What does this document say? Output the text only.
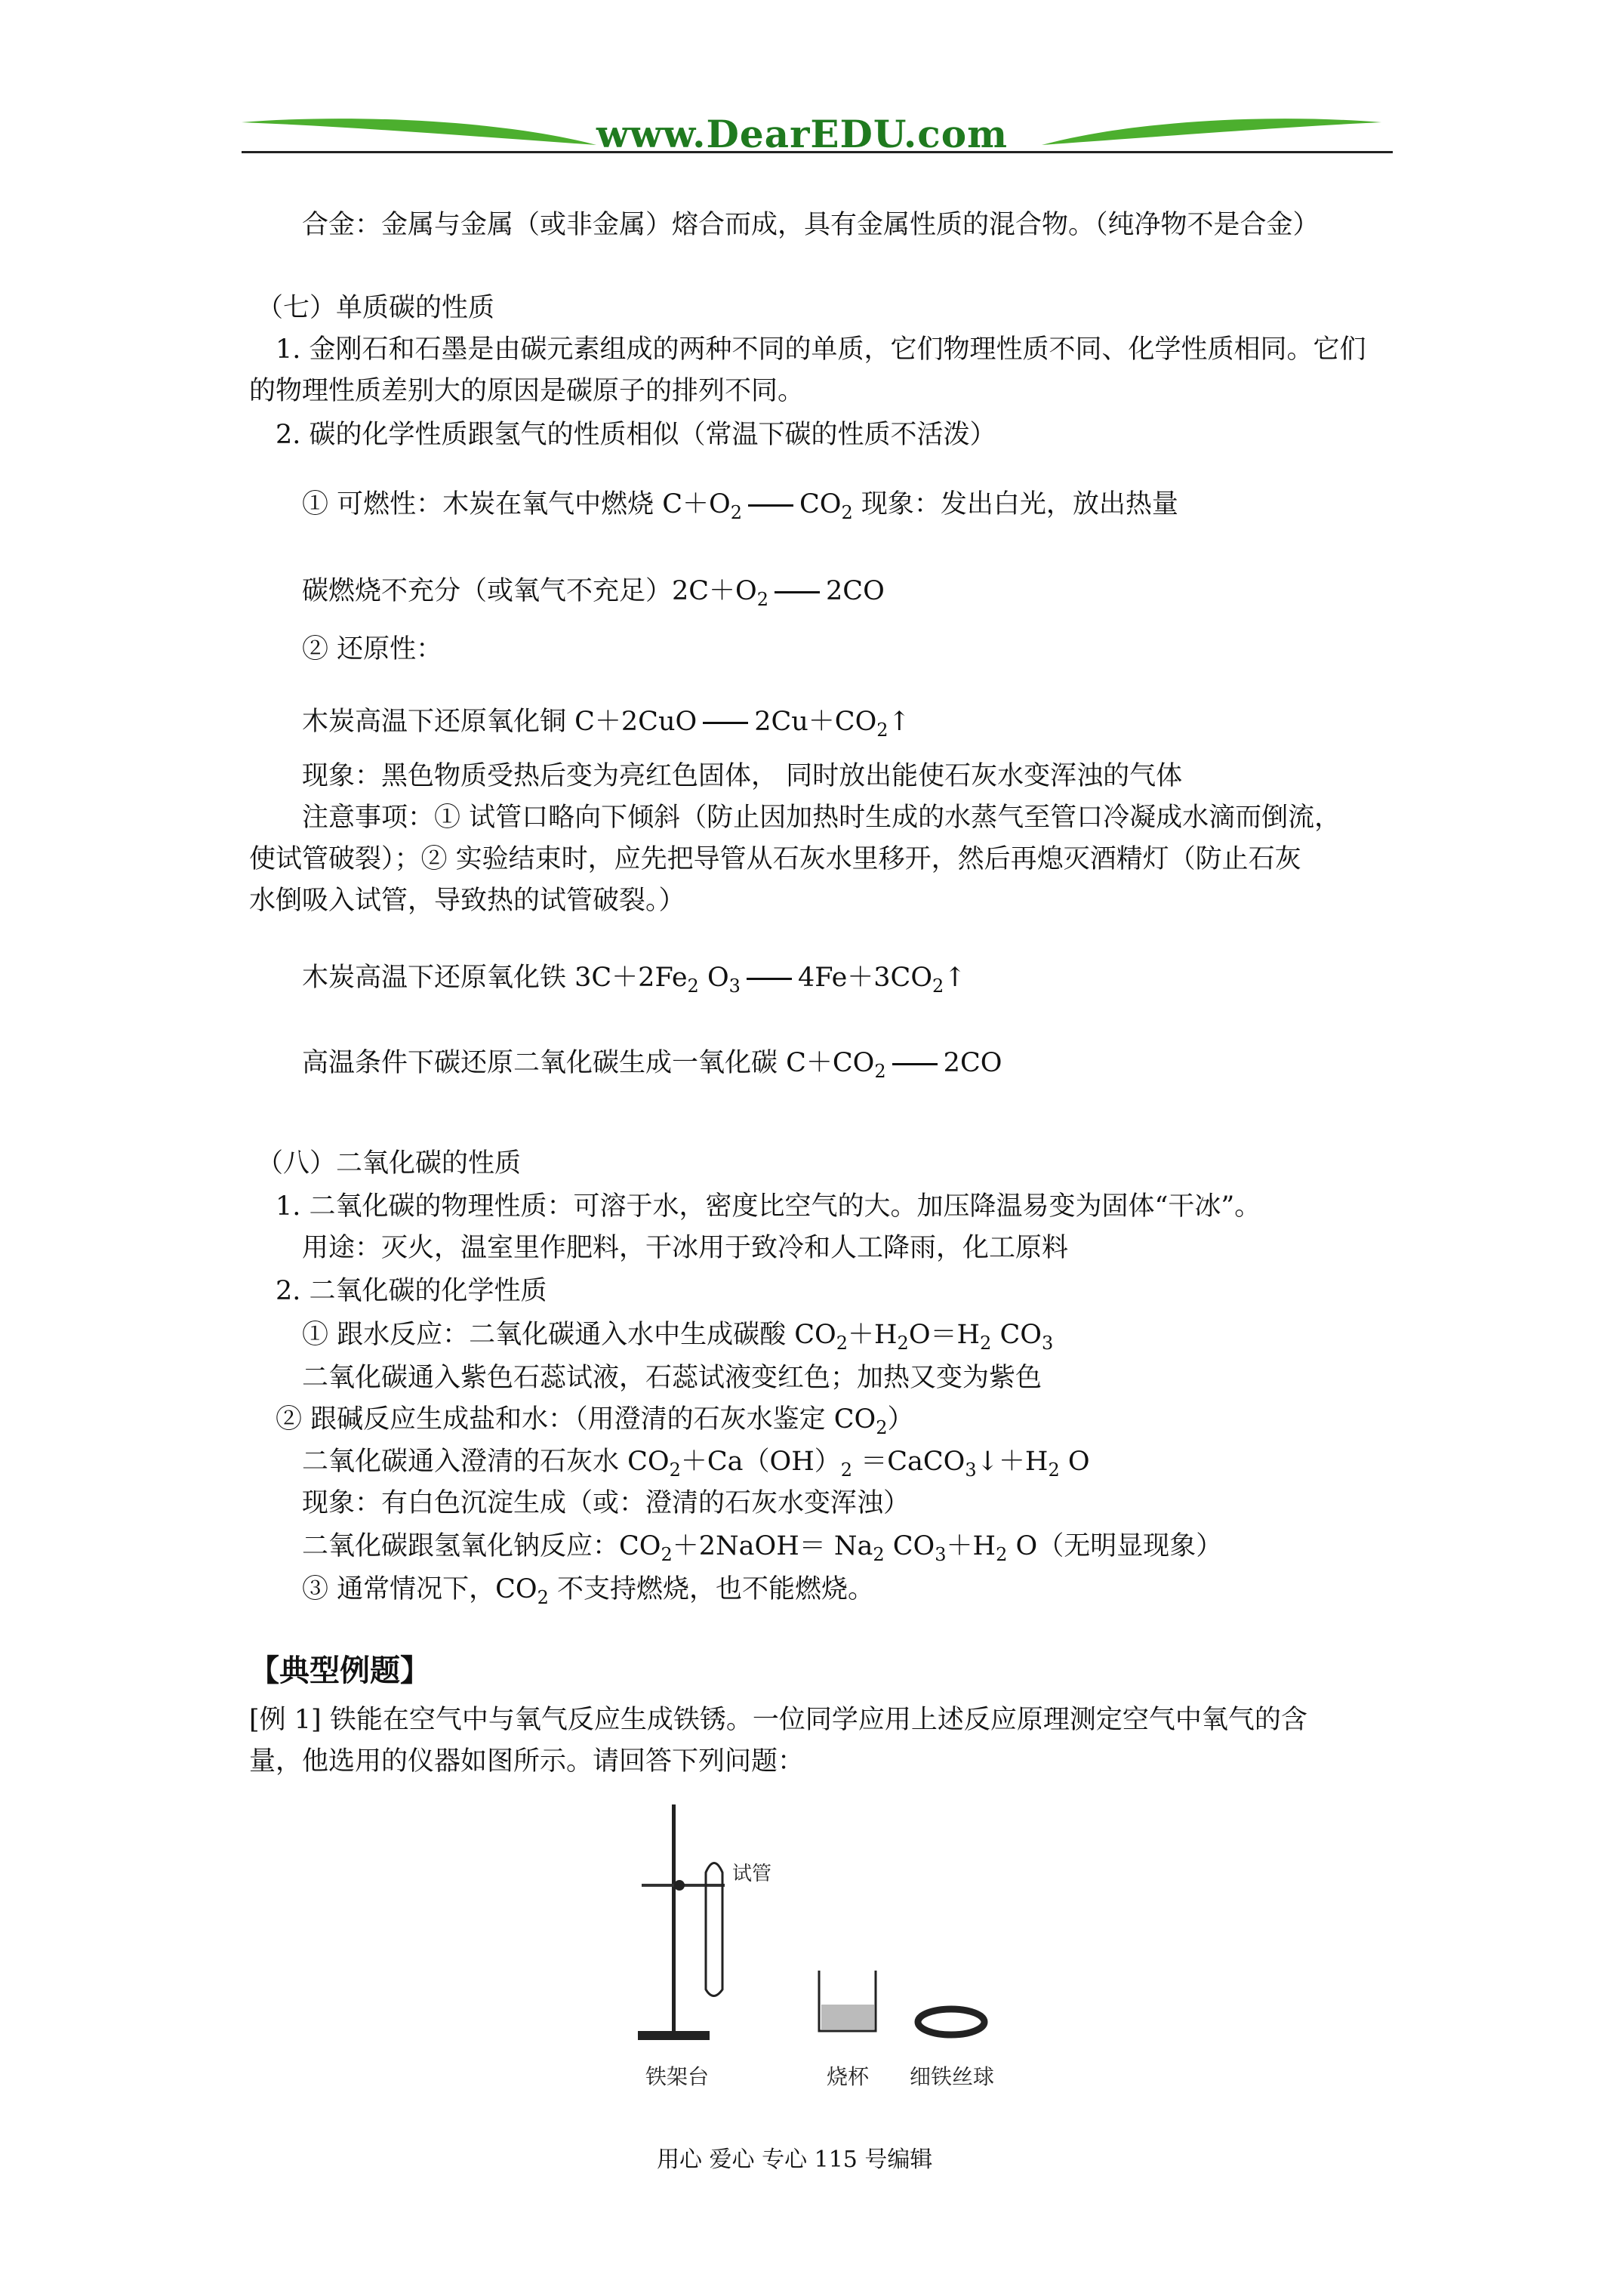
www.DearEDU.com
合金：金属与金属（或非金属）熔合而成，具有金属性质的混合物。（纯净物不是合金）
（七）单质碳的性质
1. 金刚石和石墨是由碳元素组成的两种不同的单质，它们物理性质不同、化学性质相同。它们
的物理性质差别大的原因是碳原子的排列不同。
2. 碳的化学性质跟氢气的性质相似（常温下碳的性质不活泼）
① 可燃性：木炭在氧气中燃烧 $C+O_2$ $CO_2$ 现象：发出白光，放出热量
碳燃烧不充分（或氧气不充足）$2C+O_2$ 2CO
② 还原性：
木炭高温下还原氧化铜 C＋2CuO $2Cu+CO_2↑$
现象：黑色物质受热后变为亮红色固体， 同时放出能使石灰水变浑浊的气体
注意事项：① 试管口略向下倾斜（防止因加热时生成的水蒸气至管口冷凝成水滴而倒流，
使试管破裂）；② 实验结束时，应先把导管从石灰水里移开，然后再熄灭酒精灯（防止石灰
水倒吸入试管，导致热的试管破裂。）
木炭高温下还原氧化铁 $3C+2Fe_2$ $O_3$ $4Fe+3CO_2↑$
高温条件下碳还原二氧化碳生成一氧化碳 $C+CO_2$ 2CO
（八）二氧化碳的性质
1. 二氧化碳的物理性质：可溶于水，密度比空气的大。加压降温易变为固体“干冰”。
用途：灭火，温室里作肥料，干冰用于致冷和人工降雨，化工原料
2. 二氧化碳的化学性质
① 跟水反应：二氧化碳通入水中生成碳酸 $CO_2+H_2O=H_2$ $CO_3$
二氧化碳通入紫色石蕊试液，石蕊试液变红色；加热又变为紫色
② 跟碱反应生成盐和水：（用澄清的石灰水鉴定 $CO_2$）
二氧化碳通入澄清的石灰水 $CO_2+Ca(OH)_2$ $=CaCO_3↓+H_2$ O
现象：有白色沉淀生成（或：澄清的石灰水变浑浊）
二氧化碳跟氢氧化钠反应：$CO_2+2NaOH= Na_2$ $CO_3+H_2$ O（无明显现象）
③ 通常情况下，$CO_2$ 不支持燃烧，也不能燃烧。
【典型例题】
[例 1] 铁能在空气中与氧气反应生成铁锈。一位同学应用上述反应原理测定空气中氧气的含
量，他选用的仪器如图所示。请回答下列问题：
试管
铁架台	烧杯 细铁丝球
用心 爱心 专心 115 号编辑
